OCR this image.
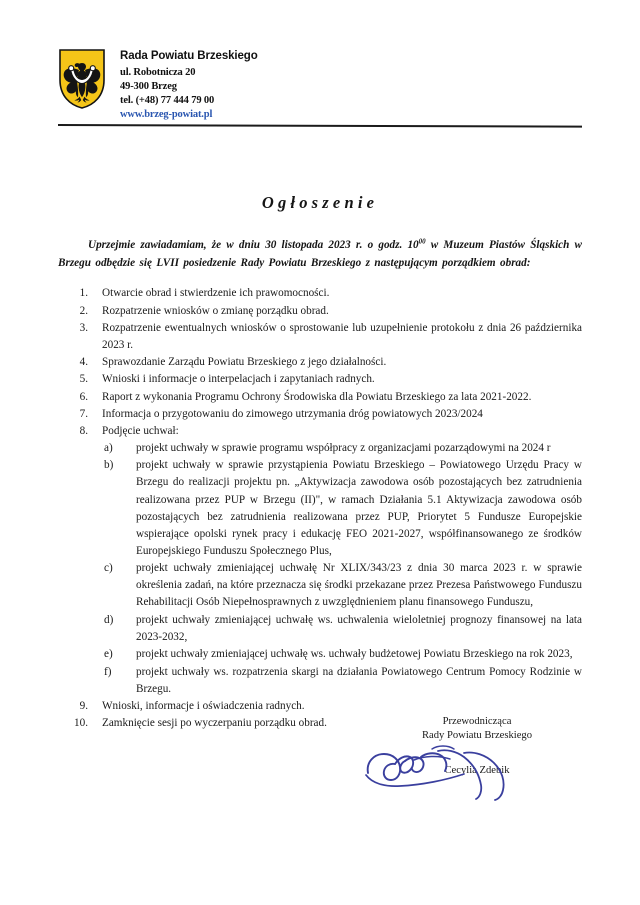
Rada Powiatu Brzeskiego
ul. Robotnicza 20
49-300 Brzeg
tel. (+48) 77 444 79 00
www.brzeg-powiat.pl
Ogłoszenie

Uprzejmie zawiadamiam, że w dniu 30 listopada 2023 r. o godz. $10^{00}$ w Muzeum Piastów Śląskich w Brzegu odbędzie się LVII posiedzenie Rady Powiatu Brzeskiego z następującym porządkiem obrad:

Otwarcie obrad i stwierdzenie ich prawomocności.
Rozpatrzenie wniosków o zmianę porządku obrad.
Rozpatrzenie ewentualnych wniosków o sprostowanie lub uzupełnienie protokołu z dnia 26 października 2023 r.
Sprawozdanie Zarządu Powiatu Brzeskiego z jego działalności.
Wnioski i informacje o interpelacjach i zapytaniach radnych.
Raport z wykonania Programu Ochrony Środowiska dla Powiatu Brzeskiego za lata 2021-2022.
Informacja o przygotowaniu do zimowego utrzymania dróg powiatowych 2023/2024
Podjęcie uchwał:
projekt uchwały w sprawie programu współpracy z organizacjami pozarządowymi na 2024 r
projekt uchwały w sprawie przystąpienia Powiatu Brzeskiego – Powiatowego Urzędu Pracy w Brzegu do realizacji projektu pn. „Aktywizacja zawodowa osób pozostających bez zatrudnienia realizowana przez PUP w Brzegu (II)", w ramach Działania 5.1 Aktywizacja zawodowa osób pozostających bez zatrudnienia realizowana przez PUP, Priorytet 5 Fundusze Europejskie wspierające opolski rynek pracy i edukację FEO 2021-2027, współfinansowanego ze środków Europejskiego Funduszu Społecznego Plus,
projekt uchwały zmieniającej uchwałę Nr XLIX/343/23 z dnia 30 marca 2023 r. w sprawie określenia zadań, na które przeznacza się środki przekazane przez Prezesa Państwowego Funduszu Rehabilitacji Osób Niepełnosprawnych z uwzględnieniem planu finansowego Funduszu,
projekt uchwały zmieniającej uchwałę ws. uchwalenia wieloletniej prognozy finansowej na lata 2023-2032,
projekt uchwały zmieniającej uchwałę ws. uchwały budżetowej Powiatu Brzeskiego na rok 2023,
projekt uchwały ws. rozpatrzenia skargi na działania Powiatowego Centrum Pomocy Rodzinie w Brzegu.
Wnioski, informacje i oświadczenia radnych.
Zamknięcie sesji po wyczerpaniu porządku obrad.	Przewodnicząca
Rady Powiatu Brzeskiego
Cecylia Zdebik
